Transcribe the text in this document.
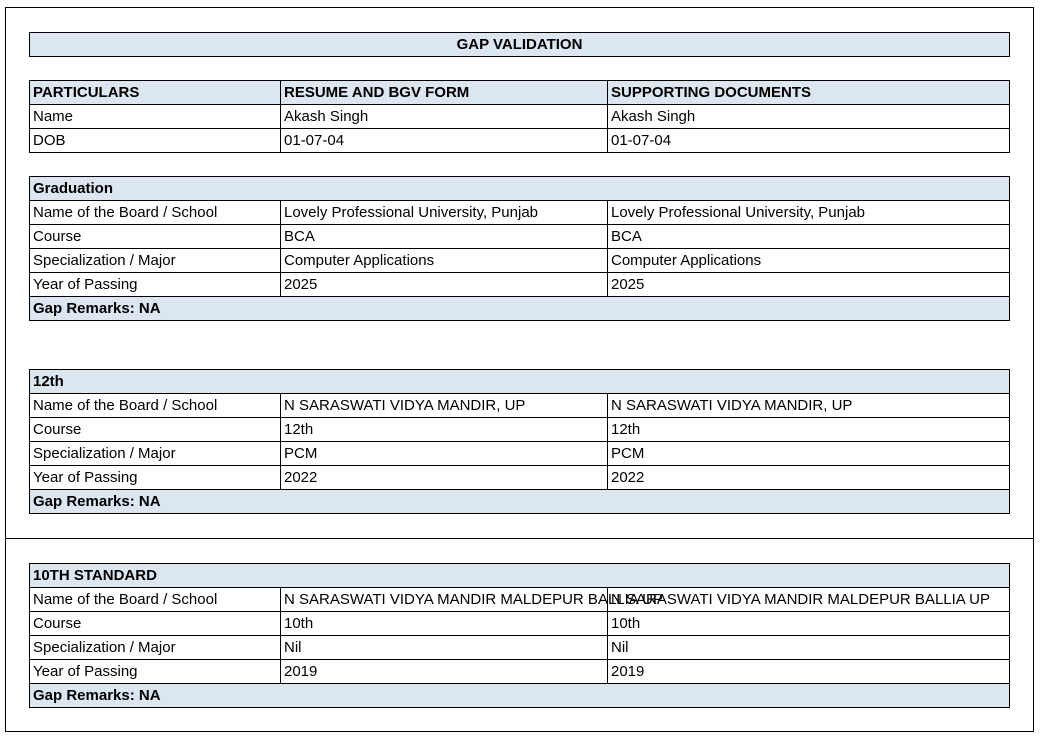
GAP VALIDATION
PARTICULARS	RESUME AND BGV FORM	SUPPORTING DOCUMENTS
Name	Akash Singh	Akash Singh
DOB	01-07-04	01-07-04
Graduation		
Name of the Board / School	Lovely Professional University, Punjab	Lovely Professional University, Punjab
Course	BCA	BCA
Specialization / Major	Computer Applications	Computer Applications
Year of Passing	2025	2025
Gap Remarks: NA		
12th		
Name of the Board / School	N SARASWATI VIDYA MANDIR, UP	N SARASWATI VIDYA MANDIR, UP
Course	12th	12th
Specialization / Major	PCM	PCM
Year of Passing	2022	2022
Gap Remarks: NA		
10TH STANDARD		
Name of the Board / School	N SARASWATI VIDYA MANDIR MALDEPUR BALLIA UP	N SARASWATI VIDYA MANDIR MALDEPUR BALLIA UP
Course	10th	10th
Specialization / Major	Nil	Nil
Year of Passing	2019	2019
Gap Remarks: NA		
